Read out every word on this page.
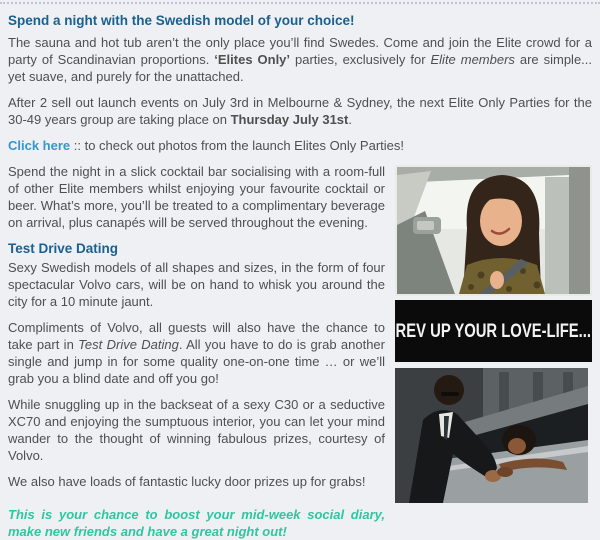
Spend a night with the Swedish model of your choice!

The sauna and hot tub aren’t the only place you’ll find Swedes. Come and join the Elite crowd for a party of Scandinavian proportions. ‘Elites Only’ parties, exclusively for Elite members are simple... yet suave, and purely for the unattached.

After 2 sell out launch events on July 3rd in Melbourne & Sydney, the next Elite Only Parties for the 30-49 years group are taking place on Thursday July 31st.

Click here :: to check out photos from the launch Elites Only Parties!

REV UP YOUR LOVE-LIFE...

Spend the night in a slick cocktail bar socialising with a room-full of other Elite members whilst enjoying your favourite cocktail or beer. What’s more, you’ll be treated to a complimentary beverage on arrival, plus canapés will be served throughout the evening.

Test Drive Dating

Sexy Swedish models of all shapes and sizes, in the form of four spectacular Volvo cars, will be on hand to whisk you around the city for a 10 minute jaunt.

Compliments of Volvo, all guests will also have the chance to take part in Test Drive Dating. All you have to do is grab another single and jump in for some quality one-on-one time … or we’ll grab you a blind date and off you go!

While snuggling up in the backseat of a sexy C30 or a seductive XC70 and enjoying the sumptuous interior, you can let your mind wander to the thought of winning fabulous prizes, courtesy of Volvo.

We also have loads of fantastic lucky door prizes up for grabs!

This is your chance to boost your mid-week social diary, make new friends and have a great night out!
